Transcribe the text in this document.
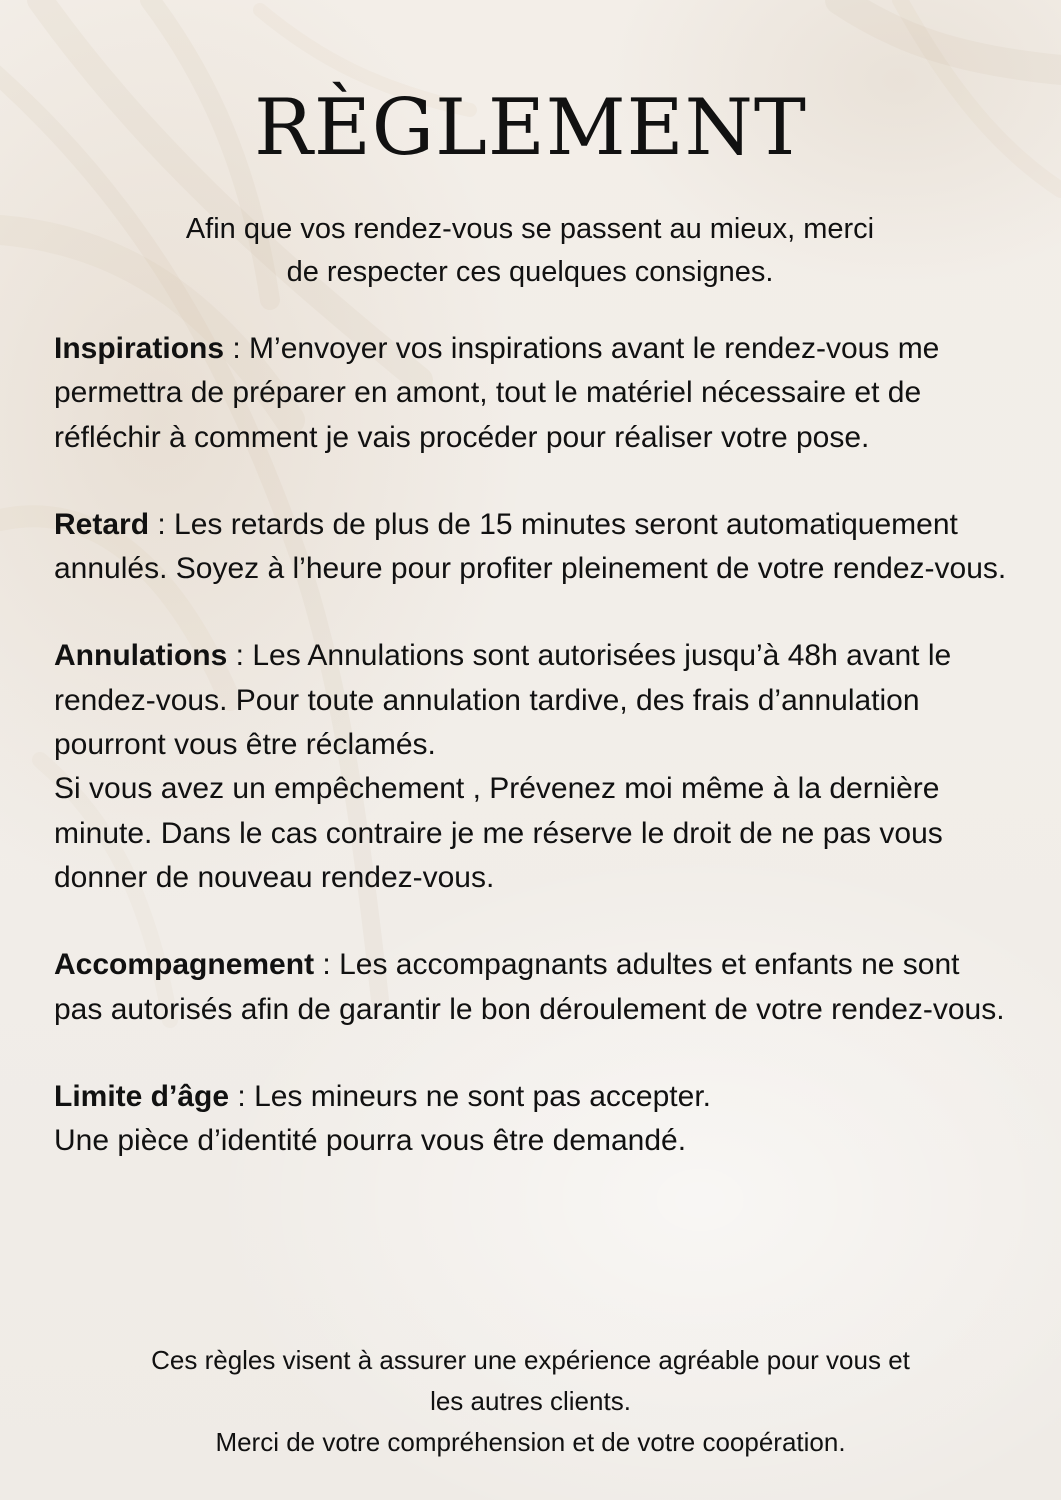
RÈGLEMENT

Afin que vos rendez-vous se passent au mieux, merci
de respecter ces quelques consignes.

Inspirations : M’envoyer vos inspirations avant le rendez-vous me permettra de préparer en amont, tout le matériel nécessaire et de réfléchir à comment je vais procéder pour réaliser votre pose.
Retard : Les retards de plus de 15 minutes seront automatiquement annulés. Soyez à l’heure pour profiter pleinement de votre rendez-vous.
Annulations : Les Annulations sont autorisées jusqu’à 48h avant le rendez-vous. Pour toute annulation tardive, des frais d’annulation pourront vous être réclamés.
Si vous avez un empêchement , Prévenez moi même à la dernière minute. Dans le cas contraire je me réserve le droit de ne pas vous donner de nouveau rendez-vous.
Accompagnement : Les accompagnants adultes et enfants ne sont pas autorisés afin de garantir le bon déroulement de votre rendez-vous.
Limite d’âge : Les mineurs ne sont pas accepter.
Une pièce d’identité pourra vous être demandé.

Ces règles visent à assurer une expérience agréable pour vous et
les autres clients.
Merci de votre compréhension et de votre coopération.
